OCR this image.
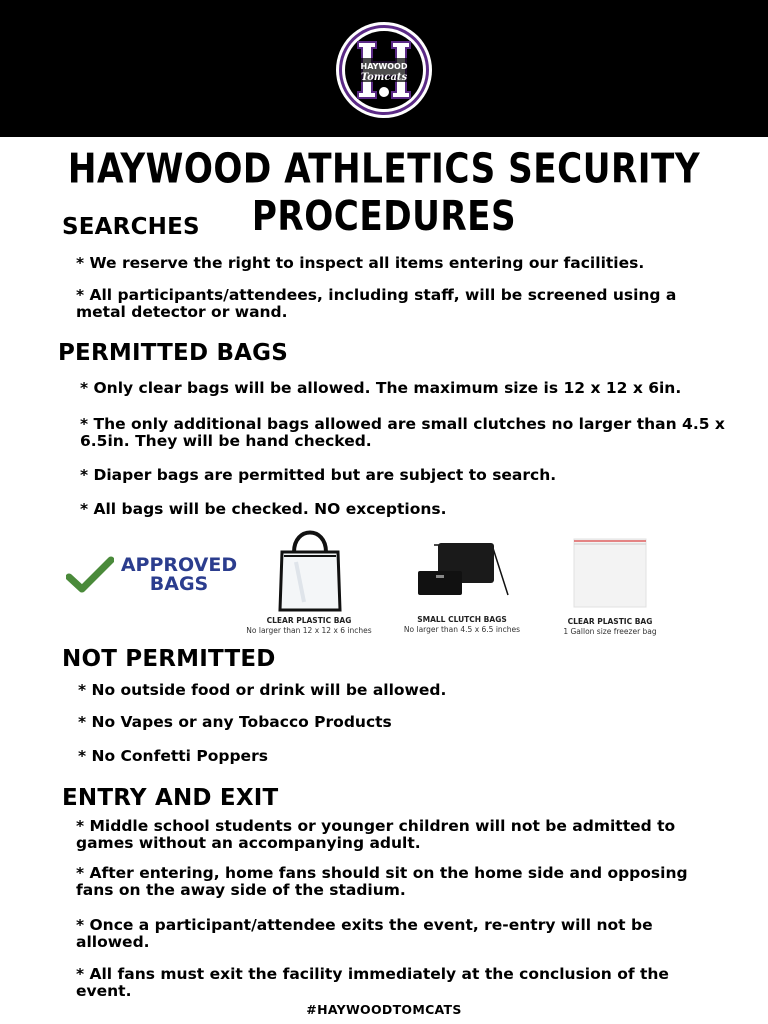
HAYWOOD
Tomcats
HAYWOOD ATHLETICS SECURITY PROCEDURES
SEARCHES
* We reserve the right to inspect all items entering our facilities.
* All participants/attendees, including staff, will be screened using a metal detector or wand.
PERMITTED BAGS
* Only clear bags will be allowed. The maximum size is 12 x 12 x 6in.
* The only additional bags allowed are small clutches no larger than 4.5 x 6.5in. They will be hand checked.
* Diaper bags are permitted but are subject to search.
* All bags will be checked. NO exceptions.
APPROVED
BAGS
CLEAR PLASTIC BAG
No larger than 12 x 12 x 6 inches
SMALL CLUTCH BAGS
No larger than 4.5 x 6.5 inches
CLEAR PLASTIC BAG
1 Gallon size freezer bag
NOT PERMITTED
* No outside food or drink will be allowed.
* No Vapes or any Tobacco Products
* No Confetti Poppers
ENTRY AND EXIT
* Middle school students or younger children will not be admitted to games without an accompanying adult.
* After entering, home fans should sit on the home side and opposing fans on the away side of the stadium.
* Once a participant/attendee exits the event, re-entry will not be allowed.
* All fans must exit the facility immediately at the conclusion of the event.
#HAYWOODTOMCATS
